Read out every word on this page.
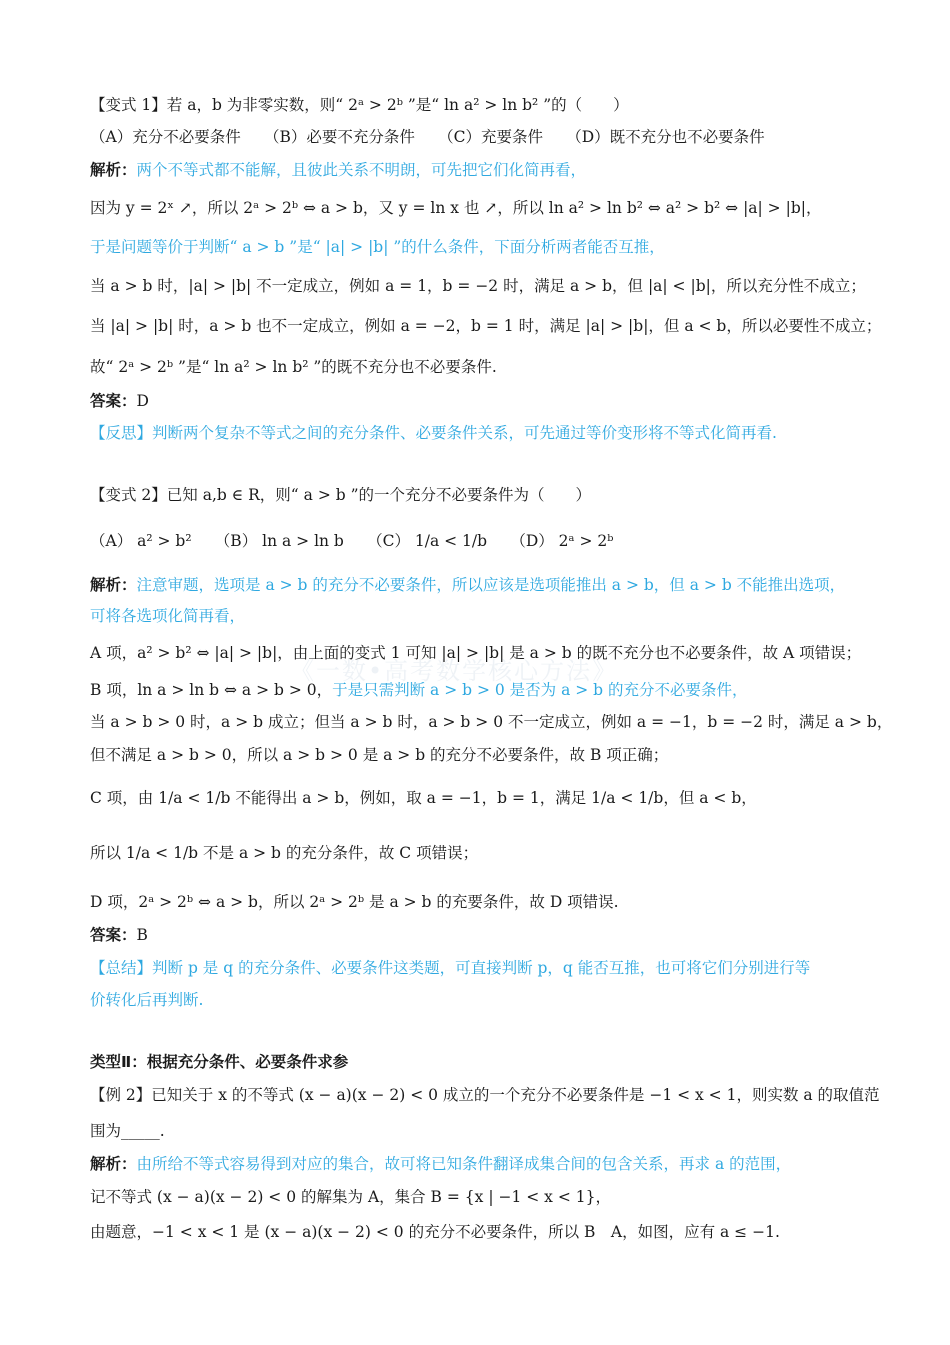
《一数•高考数学核心方法》
【变式 1】若 a，b 为非零实数，则“ 2ᵃ > 2ᵇ ”是“ ln a² > ln b² ”的（　　）
（A）充分不必要条件　　（B）必要不充分条件　　（C）充要条件　　（D）既不充分也不必要条件
解析：两个不等式都不能解，且彼此关系不明朗，可先把它们化简再看，
因为 y = 2ˣ ↗，所以 2ᵃ > 2ᵇ ⇔ a > b，又 y = ln x 也 ↗，所以 ln a² > ln b² ⇔ a² > b² ⇔ |a| > |b|，
于是问题等价于判断“ a > b ”是“ |a| > |b| ”的什么条件，下面分析两者能否互推，
当 a > b 时，|a| > |b| 不一定成立，例如 a = 1，b = −2 时，满足 a > b，但 |a| < |b|，所以充分性不成立；
当 |a| > |b| 时，a > b 也不一定成立，例如 a = −2，b = 1 时，满足 |a| > |b|，但 a < b，所以必要性不成立；
故“ 2ᵃ > 2ᵇ ”是“ ln a² > ln b² ”的既不充分也不必要条件.
答案：D
【反思】判断两个复杂不等式之间的充分条件、必要条件关系，可先通过等价变形将不等式化简再看.
【变式 2】已知 a,b ∈ R，则“ a > b ”的一个充分不必要条件为（　　）
（A） a² > b²　　（B） ln a > ln b　　（C） 1/a < 1/b　　（D） 2ᵃ > 2ᵇ
解析：注意审题，选项是 a > b 的充分不必要条件，所以应该是选项能推出 a > b，但 a > b 不能推出选项，
可将各选项化简再看，
A 项，a² > b² ⇔ |a| > |b|，由上面的变式 1 可知 |a| > |b| 是 a > b 的既不充分也不必要条件，故 A 项错误；
B 项，ln a > ln b ⇔ a > b > 0，于是只需判断 a > b > 0 是否为 a > b 的充分不必要条件，
当 a > b > 0 时，a > b 成立；但当 a > b 时，a > b > 0 不一定成立，例如 a = −1，b = −2 时，满足 a > b，
但不满足 a > b > 0，所以 a > b > 0 是 a > b 的充分不必要条件，故 B 项正确；
C 项，由 1/a < 1/b 不能得出 a > b，例如，取 a = −1，b = 1，满足 1/a < 1/b，但 a < b，
所以 1/a < 1/b 不是 a > b 的充分条件，故 C 项错误；
D 项，2ᵃ > 2ᵇ ⇔ a > b，所以 2ᵃ > 2ᵇ 是 a > b 的充要条件，故 D 项错误.
答案：B
【总结】判断 p 是 q 的充分条件、必要条件这类题，可直接判断 p，q 能否互推，也可将它们分别进行等
价转化后再判断.
类型Ⅱ：根据充分条件、必要条件求参
【例 2】已知关于 x 的不等式 (x − a)(x − 2) < 0 成立的一个充分不必要条件是 −1 < x < 1，则实数 a 的取值范
围为_____.
解析：由所给不等式容易得到对应的集合，故可将已知条件翻译成集合间的包含关系，再求 a 的范围，
记不等式 (x − a)(x − 2) < 0 的解集为 A，集合 B = {x | −1 < x < 1}，
由题意，−1 < x < 1 是 (x − a)(x − 2) < 0 的充分不必要条件，所以 B　A，如图，应有 a ≤ −1.
